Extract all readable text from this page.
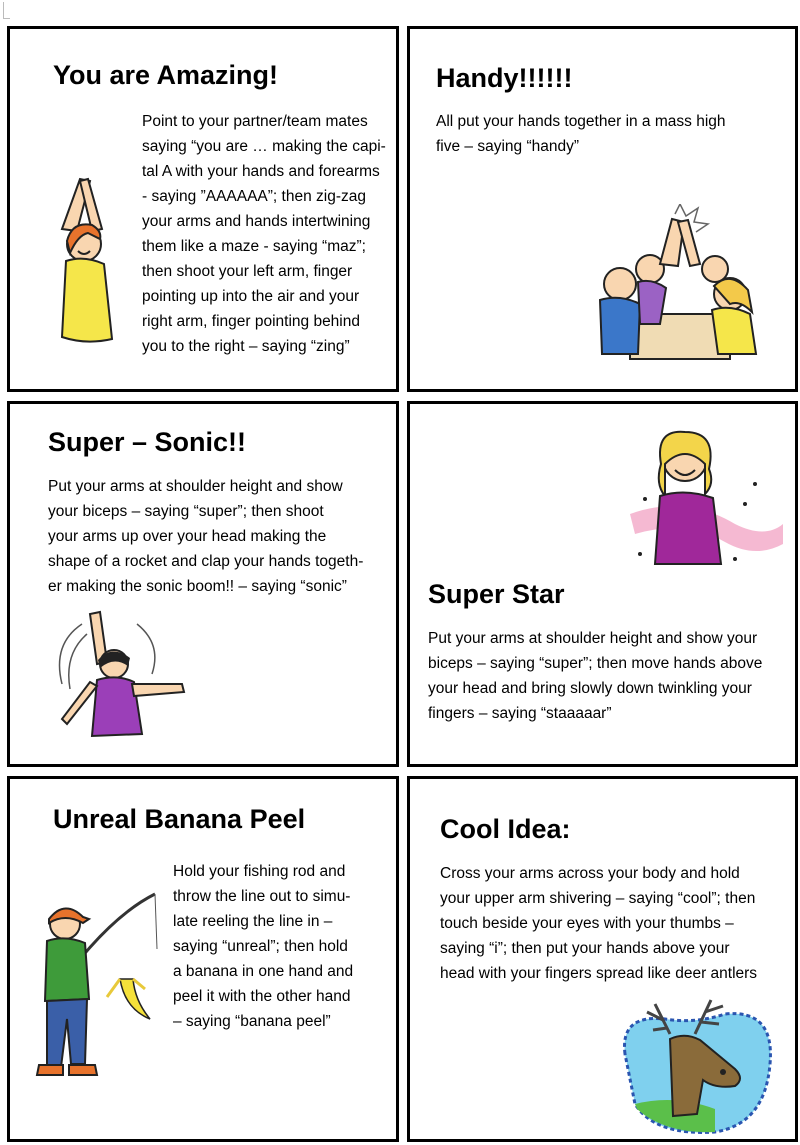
You are Amazing!
Point to your partner/team mates
saying “you are … making the capi-
tal A with your hands and forearms
- saying ”AAAAAA”; then zig-zag
your arms and hands intertwining
them like a maze - saying “maz”;
then shoot your left arm, finger
pointing up into the air and your
right arm, finger pointing behind
you to the right – saying “zing”
Handy!!!!!!
All put your hands together in a mass high
five – saying “handy”
Super – Sonic!!
Put your arms at shoulder height and show
your biceps – saying “super”; then shoot
your arms up over your head making the
shape of a rocket and clap your hands togeth-
er making the sonic boom!! – saying “sonic”	Super Star
Put your arms at shoulder height and show your
biceps – saying “super”; then move hands above
your head and bring slowly down twinkling your
fingers – saying “staaaaar”
Unreal Banana Peel
Hold your fishing rod and
throw the line out to simu-
late reeling the line in –
saying “unreal”; then hold
a banana in one hand and
peel it with the other hand
– saying “banana peel”
Cool Idea:
Cross your arms across your body and hold
your upper arm shivering – saying “cool”; then
touch beside your eyes with your thumbs –
saying “i”; then put your hands above your
head with your fingers spread like deer antlers
